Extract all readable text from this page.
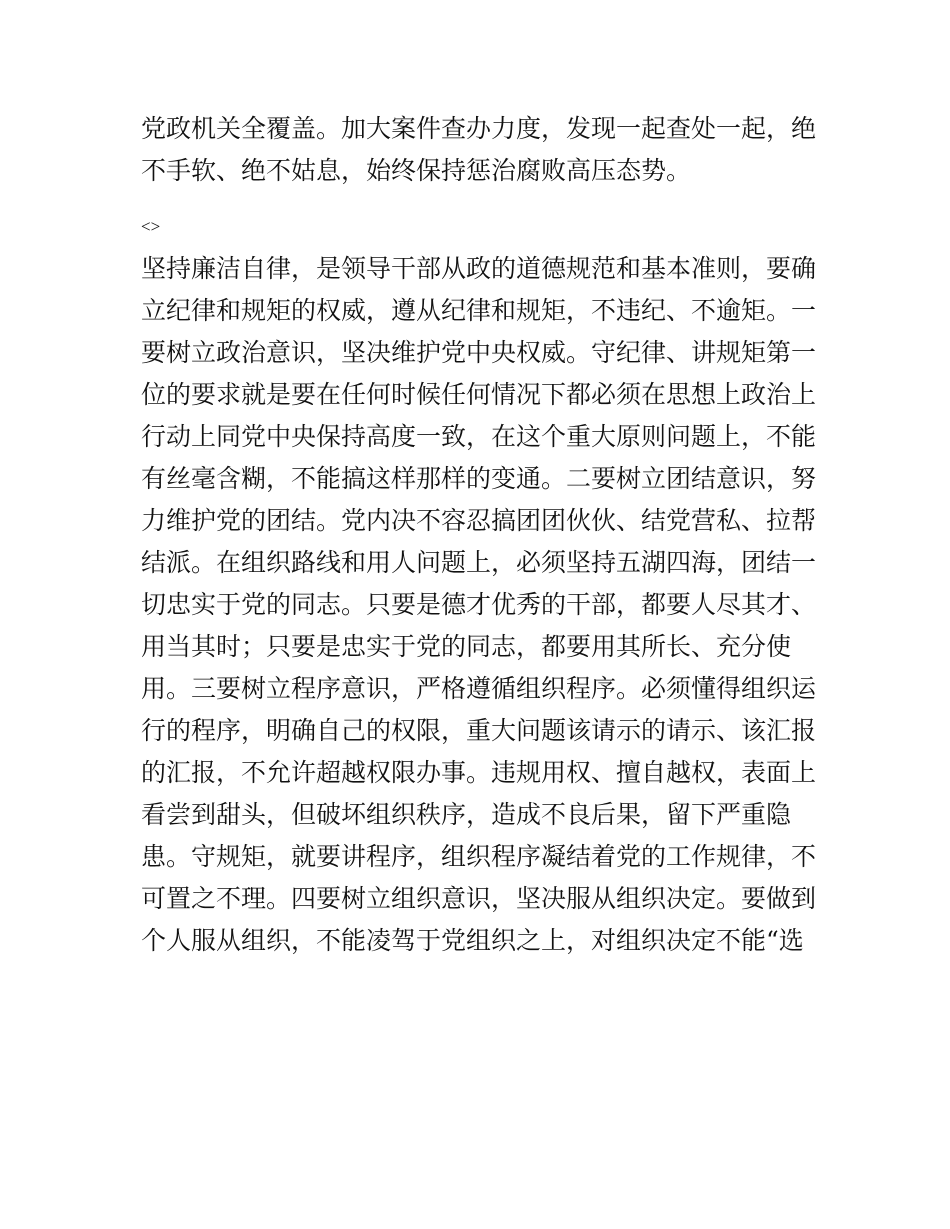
党政机关全覆盖。加大案件查办力度，发现一起查处一起，绝
不手软、绝不姑息，始终保持惩治腐败高压态势。
<>
坚持廉洁自律，是领导干部从政的道德规范和基本准则，要确
立纪律和规矩的权威，遵从纪律和规矩，不违纪、不逾矩。一
要树立政治意识，坚决维护党中央权威。守纪律、讲规矩第一
位的要求就是要在任何时候任何情况下都必须在思想上政治上
行动上同党中央保持高度一致，在这个重大原则问题上，不能
有丝毫含糊，不能搞这样那样的变通。二要树立团结意识，努
力维护党的团结。党内决不容忍搞团团伙伙、结党营私、拉帮
结派。在组织路线和用人问题上，必须坚持五湖四海，团结一
切忠实于党的同志。只要是德才优秀的干部，都要人尽其才、
用当其时；只要是忠实于党的同志，都要用其所长、充分使
用。三要树立程序意识，严格遵循组织程序。必须懂得组织运
行的程序，明确自己的权限，重大问题该请示的请示、该汇报
的汇报，不允许超越权限办事。违规用权、擅自越权，表面上
看尝到甜头，但破坏组织秩序，造成不良后果，留下严重隐
患。守规矩，就要讲程序，组织程序凝结着党的工作规律，不
可置之不理。四要树立组织意识，坚决服从组织决定。要做到
个人服从组织，不能凌驾于党组织之上，对组织决定不能“选
